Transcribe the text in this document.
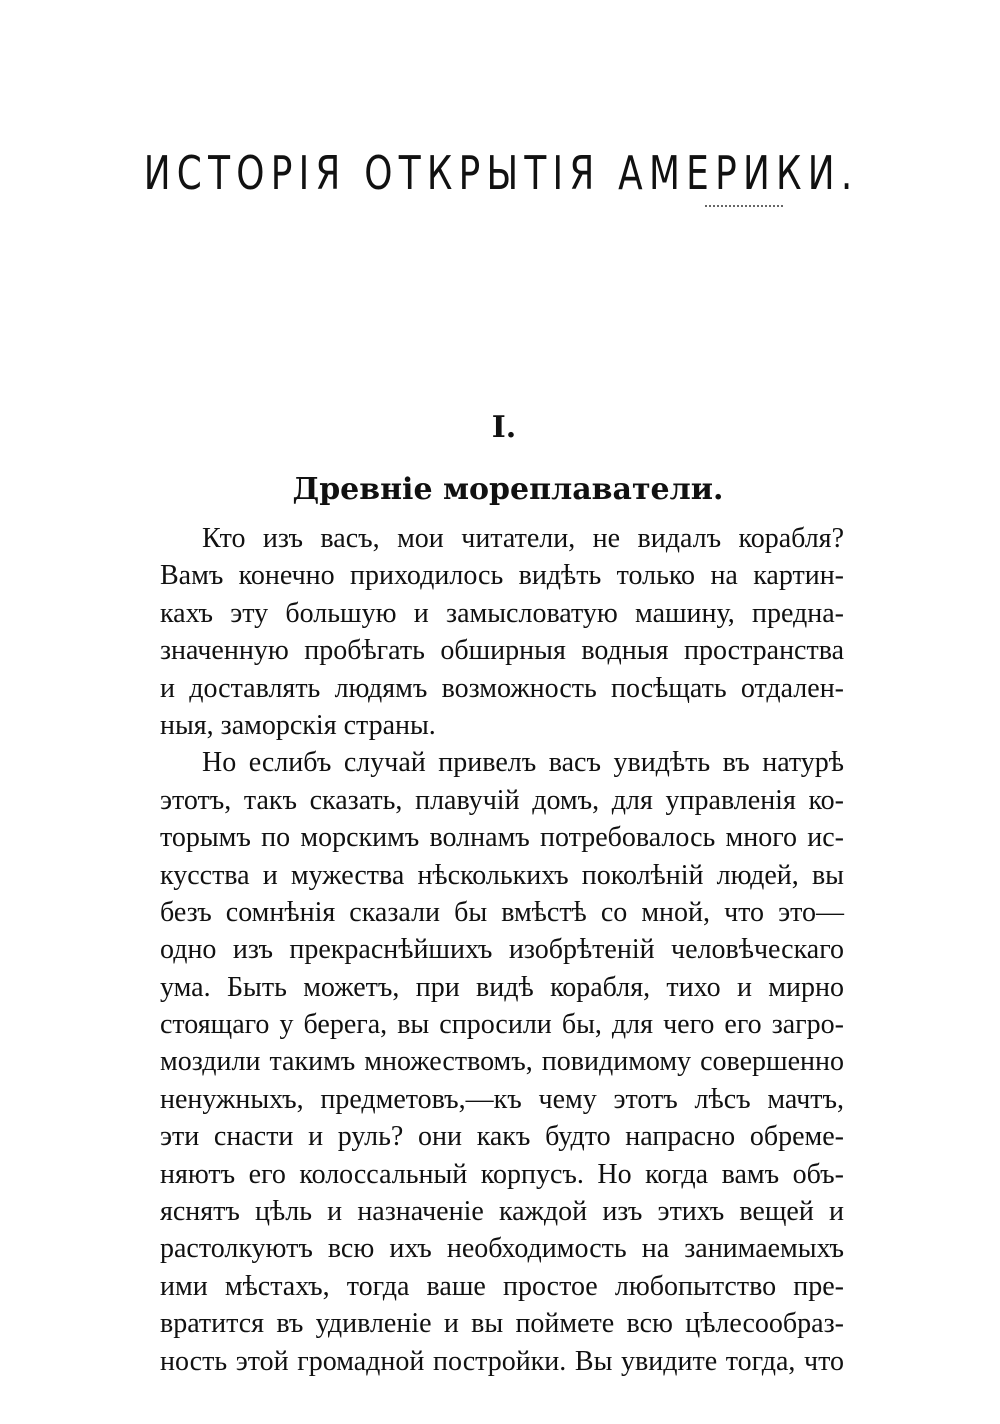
ИСТОРІЯ ОТКРЫТІЯ АМЕРИКИ.
I.
Древніе мореплаватели.
Кто изъ васъ, мои читатели, не видалъ корабля?
Вамъ конечно приходилось видѣть только на картин-
кахъ эту большую и замысловатую машину, предна-
значенную пробѣгать обширныя водныя пространства
и доставлять людямъ возможность посѣщать отдален-
ныя, заморскія страны.
Но еслибъ случай привелъ васъ увидѣть въ натурѣ
этотъ, такъ сказать, плавучій домъ, для управленія ко-
торымъ по морскимъ волнамъ потребовалось много ис-
кусства и мужества нѣсколькихъ поколѣній людей, вы
безъ сомнѣнія сказали бы вмѣстѣ со мной, что это—
одно изъ прекраснѣйшихъ изобрѣтеній человѣческаго
ума. Быть можетъ, при видѣ корабля, тихо и мирно
стоящаго у берега, вы спросили бы, для чего его загро-
моздили такимъ множествомъ, повидимому совершенно
ненужныхъ, предметовъ,—къ чему этотъ лѣсъ мачтъ,
эти снасти и руль? они какъ будто напрасно обреме-
няютъ его колоссальный корпусъ. Но когда вамъ объ-
яснятъ цѣль и назначеніе каждой изъ этихъ вещей и
растолкуютъ всю ихъ необходимость на занимаемыхъ
ими мѣстахъ, тогда ваше простое любопытство пре-
вратится въ удивленіе и вы поймете всю цѣлесообраз-
ность этой громадной постройки. Вы увидите тогда, что
